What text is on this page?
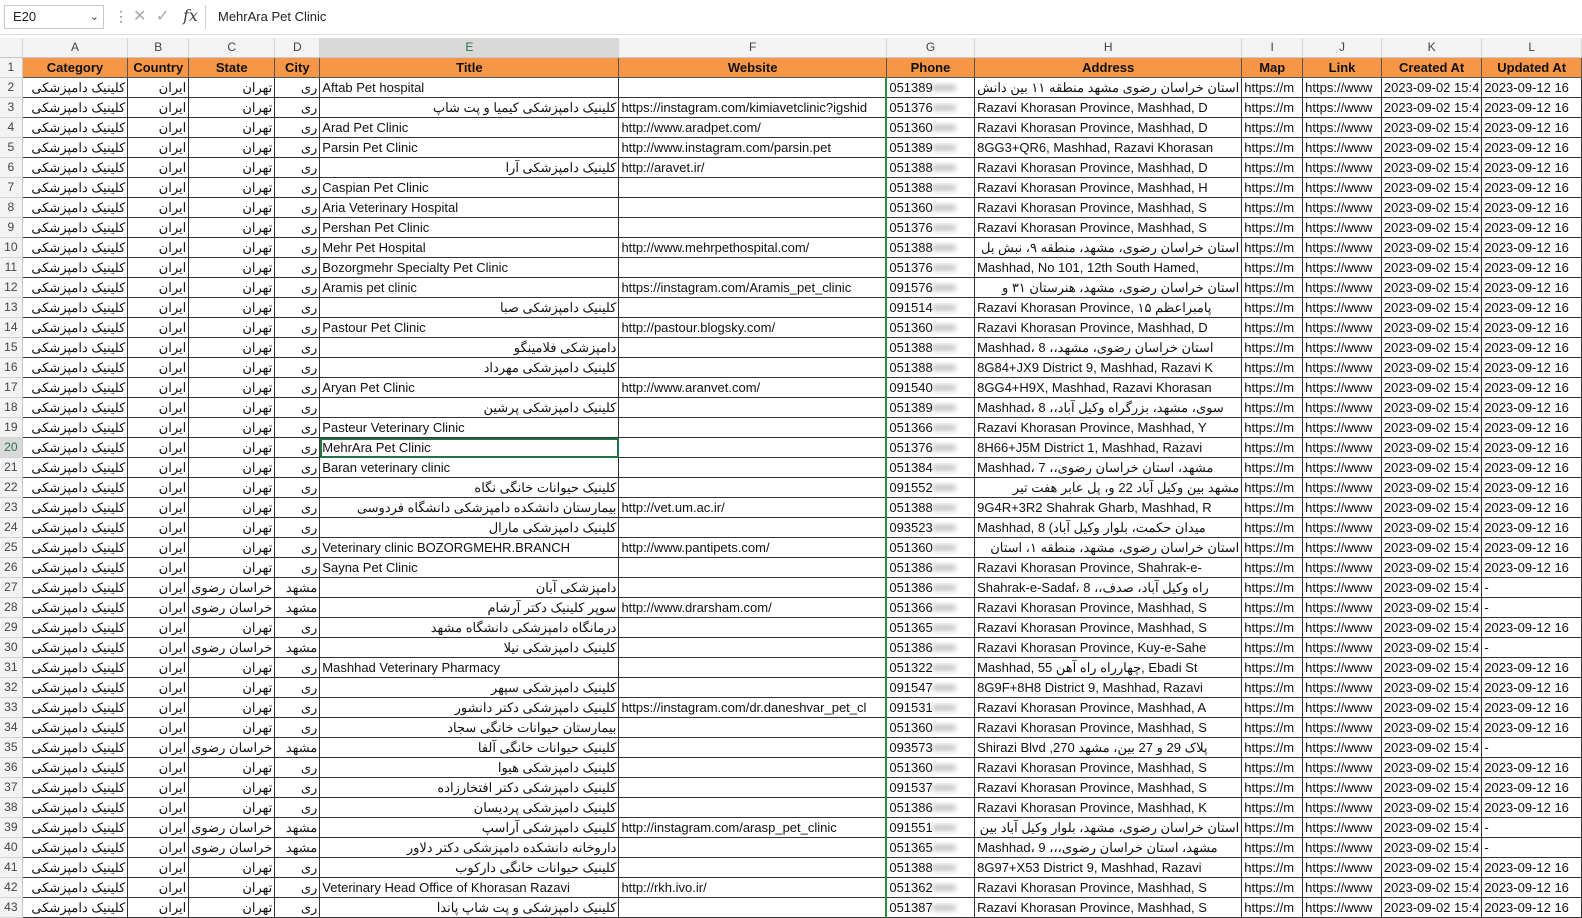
E20	⌄ ⋮ ✕ ✓ fx	MehrAra Pet Clinic
	A	B	C	D	E	F	G	H	I	J	K	L
1	Category	Country	State	City	Title	Website	Phone	Address	Map	Link	Created At	Updated At
2	کلینیک دامپزشکی	ایران	تهران	ری	Aftab Pet hospital		051389•••••	استان خراسان رضوی مشهد منطقه ۱۱ بین دانش	https://m	https://www	2023-09-02 15:4	2023-09-12 16
3	کلینیک دامپزشکی	ایران	تهران	ری	کلینیک دامپزشکی کیمیا و پت شاپ	https://instagram.com/kimiavetclinic?igshid	051376•••••	Razavi Khorasan Province, Mashhad, D	https://m	https://www	2023-09-02 15:4	2023-09-12 16
4	کلینیک دامپزشکی	ایران	تهران	ری	Arad Pet Clinic	http://www.aradpet.com/	051360•••••	Razavi Khorasan Province, Mashhad, D	https://m	https://www	2023-09-02 15:4	2023-09-12 16
5	کلینیک دامپزشکی	ایران	تهران	ری	Parsin Pet Clinic	http://www.instagram.com/parsin.pet	051389•••••	8GG3+QR6, Mashhad, Razavi Khorasan	https://m	https://www	2023-09-02 15:4	2023-09-12 16
6	کلینیک دامپزشکی	ایران	تهران	ری	کلینیک دامپزشکی آرا	http://aravet.ir/	051388•••••	Razavi Khorasan Province, Mashhad, D	https://m	https://www	2023-09-02 15:4	2023-09-12 16
7	کلینیک دامپزشکی	ایران	تهران	ری	Caspian Pet Clinic		051388•••••	Razavi Khorasan Province, Mashhad, H	https://m	https://www	2023-09-02 15:4	2023-09-12 16
8	کلینیک دامپزشکی	ایران	تهران	ری	Aria Veterinary Hospital		051360•••••	Razavi Khorasan Province, Mashhad, S	https://m	https://www	2023-09-02 15:4	2023-09-12 16
9	کلینیک دامپزشکی	ایران	تهران	ری	Pershan Pet Clinic		051376•••••	Razavi Khorasan Province, Mashhad, S	https://m	https://www	2023-09-02 15:4	2023-09-12 16
10	کلینیک دامپزشکی	ایران	تهران	ری	Mehr Pet Hospital	http://www.mehrpethospital.com/	051388•••••	استان خراسان رضوی، مشهد، منطقه ۹، نبش بل	https://m	https://www	2023-09-02 15:4	2023-09-12 16
11	کلینیک دامپزشکی	ایران	تهران	ری	Bozorgmehr Specialty Pet Clinic		051376•••••	Mashhad, No 101, 12th South Hamed,	https://m	https://www	2023-09-02 15:4	2023-09-12 16
12	کلینیک دامپزشکی	ایران	تهران	ری	Aramis pet clinic	https://instagram.com/Aramis_pet_clinic	091576•••••	استان خراسان رضوی، مشهد، هنرستان ۳۱ و	https://m	https://www	2023-09-02 15:4	2023-09-12 16
13	کلینیک دامپزشکی	ایران	تهران	ری	کلینیک دامپزشکی صبا		091514•••••	Razavi Khorasan Province, ۱۵ پامبراعظم	https://m	https://www	2023-09-02 15:4	2023-09-12 16
14	کلینیک دامپزشکی	ایران	تهران	ری	Pastour Pet Clinic	http://pastour.blogsky.com/	051360•••••	Razavi Khorasan Province, Mashhad, D	https://m	https://www	2023-09-02 15:4	2023-09-12 16
15	کلینیک دامپزشکی	ایران	تهران	ری	دامپزشکی فلامینگو		051388•••••	Mashhad، استان خراسان رضوی، مشهد،، 8	https://m	https://www	2023-09-02 15:4	2023-09-12 16
16	کلینیک دامپزشکی	ایران	تهران	ری	کلینیک دامپزشکی مهرداد		051388•••••	8G84+JX9 District 9, Mashhad, Razavi K	https://m	https://www	2023-09-02 15:4	2023-09-12 16
17	کلینیک دامپزشکی	ایران	تهران	ری	Aryan Pet Clinic	http://www.aranvet.com/	091540•••••	8GG4+H9X, Mashhad, Razavi Khorasan	https://m	https://www	2023-09-02 15:4	2023-09-12 16
18	کلینیک دامپزشکی	ایران	تهران	ری	کلینیک دامپزشکی پرشین		051389•••••	Mashhad، سوی، مشهد، بزرگراه وکیل آباد،، 8	https://m	https://www	2023-09-02 15:4	2023-09-12 16
19	کلینیک دامپزشکی	ایران	تهران	ری	Pasteur Veterinary Clinic		051366•••••	Razavi Khorasan Province, Mashhad, Y	https://m	https://www	2023-09-02 15:4	2023-09-12 16
20	کلینیک دامپزشکی	ایران	تهران	ری	MehrAra Pet Clinic		051376•••••	8H66+J5M District 1, Mashhad, Razavi	https://m	https://www	2023-09-02 15:4	2023-09-12 16
21	کلینیک دامپزشکی	ایران	تهران	ری	Baran veterinary clinic		051384•••••	Mashhad، مشهد، استان خراسان رضوی،، 7	https://m	https://www	2023-09-02 15:4	2023-09-12 16
22	کلینیک دامپزشکی	ایران	تهران	ری	کلینیک حیوانات خانگی نگاه		091552•••••	مشهد بین وکیل آباد 22 و، پل عابر هفت تیر	https://m	https://www	2023-09-02 15:4	2023-09-12 16
23	کلینیک دامپزشکی	ایران	تهران	ری	بیمارستان دانشکده دامپزشکی دانشگاه فردوسی	http://vet.um.ac.ir/	051388•••••	9G4R+3R2 Shahrak Gharb, Mashhad, R	https://m	https://www	2023-09-02 15:4	2023-09-12 16
24	کلینیک دامپزشکی	ایران	تهران	ری	کلینیک دامپزشکی مارال		093523•••••	Mashhad, 8 (میدان حکمت، بلوار وکیل آباد	https://m	https://www	2023-09-02 15:4	2023-09-12 16
25	کلینیک دامپزشکی	ایران	تهران	ری	Veterinary clinic BOZORGMEHR.BRANCH	http://www.pantipets.com/	051360•••••	استان خراسان رضوی، مشهد، منطقه ۱، استان	https://m	https://www	2023-09-02 15:4	2023-09-12 16
26	کلینیک دامپزشکی	ایران	تهران	ری	Sayna Pet Clinic		051386•••••	Razavi Khorasan Province, Shahrak-e-	https://m	https://www	2023-09-02 15:4	2023-09-12 16
27	کلینیک دامپزشکی	ایران	خراسان رضوی	مشهد	دامپزشکی آبان		051386•••••	Shahrak-e-Sadaf، راه وکیل آباد، صدف،، 8	https://m	https://www	2023-09-02 15:4	-
28	کلینیک دامپزشکی	ایران	خراسان رضوی	مشهد	سوپر کلینیک دکتر آرشام	http://www.drarsham.com/	051366•••••	Razavi Khorasan Province, Mashhad, S	https://m	https://www	2023-09-02 15:4	-
29	کلینیک دامپزشکی	ایران	تهران	ری	درمانگاه دامپزشکی دانشگاه مشهد		051365•••••	Razavi Khorasan Province, Mashhad, S	https://m	https://www	2023-09-02 15:4	2023-09-12 16
30	کلینیک دامپزشکی	ایران	خراسان رضوی	مشهد	کلینیک دامپزشکی نیلا		051386•••••	Razavi Khorasan Province, Kuy-e-Sahe	https://m	https://www	2023-09-02 15:4	-
31	کلینیک دامپزشکی	ایران	تهران	ری	Mashhad Veterinary Pharmacy		051322•••••	Mashhad, 55 چهارراه راه آهن, Ebadi St	https://m	https://www	2023-09-02 15:4	2023-09-12 16
32	کلینیک دامپزشکی	ایران	تهران	ری	کلینیک دامپزشکی سپهر		091547•••••	8G9F+8H8 District 9, Mashhad, Razavi	https://m	https://www	2023-09-02 15:4	2023-09-12 16
33	کلینیک دامپزشکی	ایران	تهران	ری	کلینیک دامپزشکی دکتر دانشور	https://instagram.com/dr.daneshvar_pet_cl	091531•••••	Razavi Khorasan Province, Mashhad, A	https://m	https://www	2023-09-02 15:4	2023-09-12 16
34	کلینیک دامپزشکی	ایران	تهران	ری	بیمارستان حیوانات خانگی سجاد		051360•••••	Razavi Khorasan Province, Mashhad, S	https://m	https://www	2023-09-02 15:4	2023-09-12 16
35	کلینیک دامپزشکی	ایران	خراسان رضوی	مشهد	کلینیک حیوانات خانگی آلفا		093573•••••	Shirazi Blvd ,270 پلاک 29 و 27 بین، مشهد	https://m	https://www	2023-09-02 15:4	-
36	کلینیک دامپزشکی	ایران	تهران	ری	کلینیک دامپزشکی هیوا		051360•••••	Razavi Khorasan Province, Mashhad, S	https://m	https://www	2023-09-02 15:4	2023-09-12 16
37	کلینیک دامپزشکی	ایران	تهران	ری	کلینیک دامپزشکی دکتر افتخارزاده		091537•••••	Razavi Khorasan Province, Mashhad, S	https://m	https://www	2023-09-02 15:4	2023-09-12 16
38	کلینیک دامپزشکی	ایران	تهران	ری	کلینیک دامپزشکی پردیسان		051386•••••	Razavi Khorasan Province, Mashhad, K	https://m	https://www	2023-09-02 15:4	2023-09-12 16
39	کلینیک دامپزشکی	ایران	خراسان رضوی	مشهد	کلینیک دامپزشکی آراسپ	http://instagram.com/arasp_pet_clinic	091551•••••	استان خراسان رضوی، مشهد، بلوار وکیل آباد بین	https://m	https://www	2023-09-02 15:4	-
40	کلینیک دامپزشکی	ایران	خراسان رضوی	مشهد	داروخانه دانشکده دامپزشکی دکتر دلاور		051365•••••	Mashhad، مشهد، استان خراسان رضوی،،، 9	https://m	https://www	2023-09-02 15:4	-
41	کلینیک دامپزشکی	ایران	تهران	ری	کلینیک حیوانات خانگی دارکوب		051388•••••	8G97+X53 District 9, Mashhad, Razavi	https://m	https://www	2023-09-02 15:4	2023-09-12 16
42	کلینیک دامپزشکی	ایران	تهران	ری	Veterinary Head Office of Khorasan Razavi	http://rkh.ivo.ir/	051362•••••	Razavi Khorasan Province, Mashhad, S	https://m	https://www	2023-09-02 15:4	2023-09-12 16
43	کلینیک دامپزشکی	ایران	تهران	ری	کلینیک دامپزشکی و پت شاپ پاندا		051387•••••	Razavi Khorasan Province, Mashhad, S	https://m	https://www	2023-09-02 15:4	2023-09-12 16
